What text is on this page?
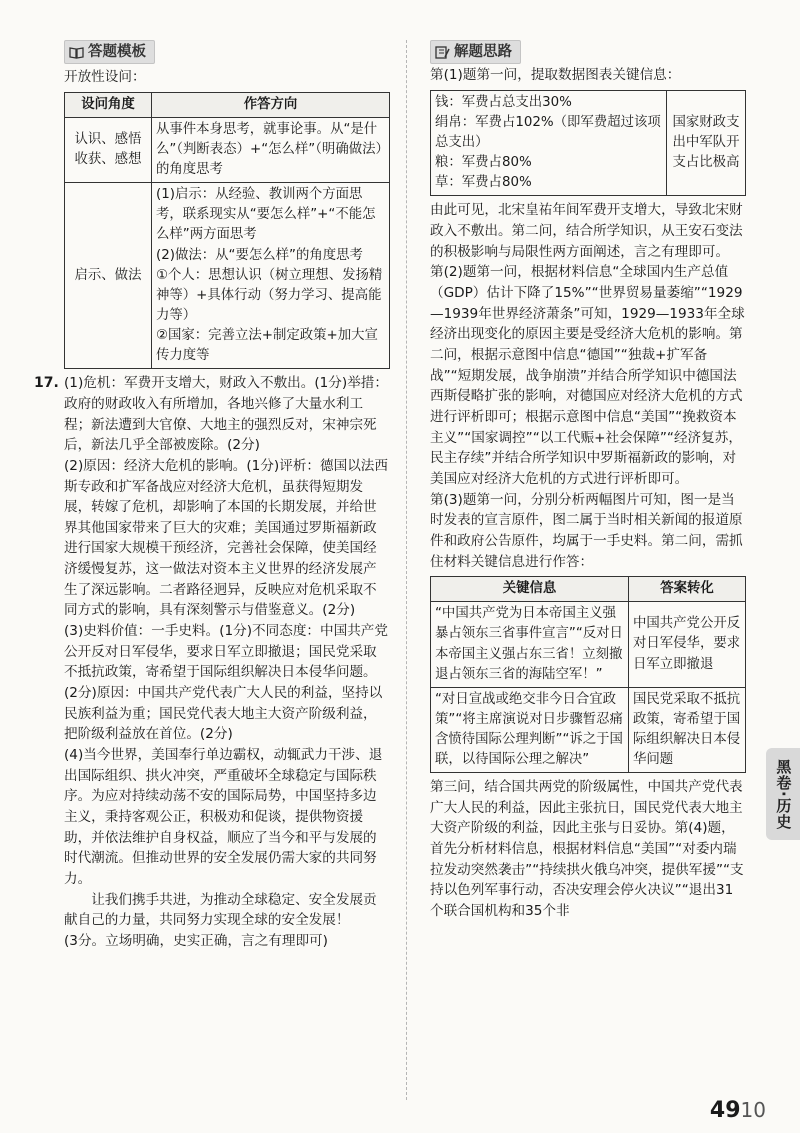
答题模板
开放性设问：
设问角度	作答方向
认识、感悟收获、感想	从事件本身思考，就事论事。从“是什么”（判断表态）+“怎么样”（明确做法）的角度思考
启示、做法	(1)启示：从经验、教训两个方面思考，联系现实从“要怎么样”+“不能怎么样”两方面思考
(2)做法：从“要怎么样”的角度思考
①个人：思想认识（树立理想、发扬精神等）+具体行动（努力学习、提高能力等）
②国家：完善立法+制定政策+加大宣传力度等
17. (1)危机：军费开支增大，财政入不敷出。(1分)举措：政府的财政收入有所增加，各地兴修了大量水利工程；新法遭到大官僚、大地主的强烈反对，宋神宗死后，新法几乎全部被废除。(2分)

(2)原因：经济大危机的影响。(1分)评析：德国以法西斯专政和扩军备战应对经济大危机，虽获得短期发展，转嫁了危机，却影响了本国的长期发展，并给世界其他国家带来了巨大的灾难；美国通过罗斯福新政进行国家大规模干预经济，完善社会保障，使美国经济缓慢复苏，这一做法对资本主义世界的经济发展产生了深远影响。二者路径迥异，反映应对危机采取不同方式的影响，具有深刻警示与借鉴意义。(2分)

(3)史料价值：一手史料。(1分)不同态度：中国共产党公开反对日军侵华，要求日军立即撤退；国民党采取不抵抗政策，寄希望于国际组织解决日本侵华问题。(2分)原因：中国共产党代表广大人民的利益，坚持以民族利益为重；国民党代表大地主大资产阶级利益，把阶级利益放在首位。(2分)

(4)当今世界，美国奉行单边霸权，动辄武力干涉、退出国际组织、拱火冲突，严重破坏全球稳定与国际秩序。为应对持续动荡不安的国际局势，中国坚持多边主义，秉持客观公正，积极劝和促谈，提供物资援助，并依法维护自身权益，顺应了当今和平与发展的时代潮流。但推动世界的安全发展仍需大家的共同努力。

让我们携手共进，为推动全球稳定、安全发展贡献自己的力量，共同努力实现全球的安全发展！

(3分。立场明确，史实正确，言之有理即可)

解题思路

第(1)题第一问，提取数据图表关键信息：

钱：军费占总支出30%
绢帛：军费占102%（即军费超过该项总支出）
粮：军费占80%
草：军费占80%
	国家财政支出中军队开支占比极高

由此可见，北宋皇祐年间军费开支增大，导致北宋财政入不敷出。第二问，结合所学知识，从王安石变法的积极影响与局限性两方面阐述，言之有理即可。

第(2)题第一问，根据材料信息“全球国内生产总值（GDP）估计下降了15%”“世界贸易量萎缩”“1929—1939年世界经济萧条”可知，1929—1933年全球经济出现变化的原因主要是受经济大危机的影响。第二问，根据示意图中信息“德国”“独裁+扩军备战”“短期发展，战争崩溃”并结合所学知识中德国法西斯侵略扩张的影响，对德国应对经济大危机的方式进行评析即可；根据示意图中信息“美国”“挽救资本主义”“国家调控”“以工代赈+社会保障”“经济复苏，民主存续”并结合所学知识中罗斯福新政的影响，对美国应对经济大危机的方式进行评析即可。

第(3)题第一问，分别分析两幅图片可知，图一是当时发表的宣言原件，图二属于当时相关新闻的报道原件和政府公告原件，均属于一手史料。第二问，需抓住材料关键信息进行作答：

关键信息	答案转化
“中国共产党为日本帝国主义强暴占领东三省事件宣言”“反对日本帝国主义强占东三省！立刻撤退占领东三省的海陆空军！”	中国共产党公开反对日军侵华，要求日军立即撤退
“对日宣战或绝交非今日合宜政策”“将主席演说对日步骤暂忍痛含愤待国际公理判断”“诉之于国联，以待国际公理之解决”	国民党采取不抵抗政策，寄希望于国际组织解决日本侵华问题

第三问，结合国共两党的阶级属性，中国共产党代表广大人民的利益，因此主张抗日，国民党代表大地主大资产阶级的利益，因此主张与日妥协。第(4)题，首先分析材料信息，根据材料信息“美国”“对委内瑞拉发动突然袭击”“持续拱火俄乌冲突，提供军援”“支持以色列军事行动，否决安理会停火决议”“退出31个联合国机构和35个非

黑卷·历史
4910
